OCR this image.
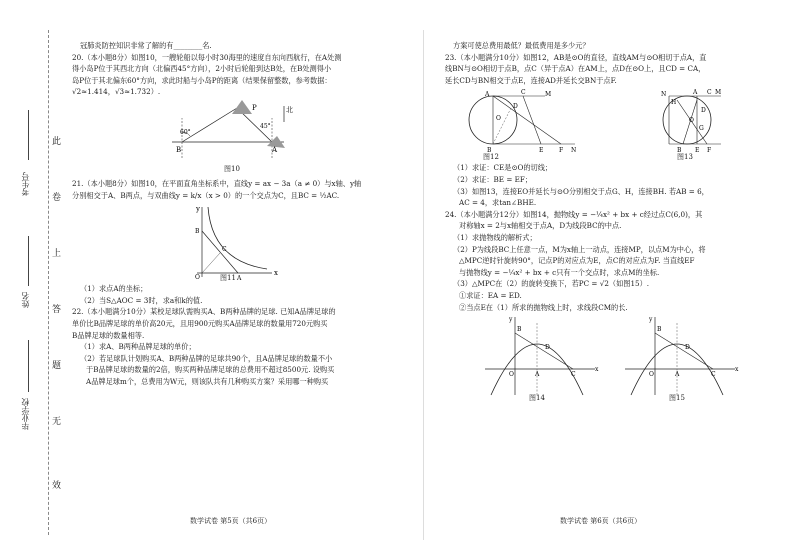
此
卷
上
答
题
无
效
考生号
姓名
毕业学校

冠肺炎防控知识非常了解的有________名.

20.（本小题8分）如图10，一艘轮船以每小时30海里的速度自东向西航行，在A处测

得小岛P位于其西北方向（北偏西45°方向），2小时后轮船到达B处，在B处测得小

岛P位于其北偏东60°方向，求此时船与小岛P的距离（结果保留整数，参考数据：

√2≈1.414，√3≈1.732）.

60°
45°
P
B	A
北
图10

21.（本小题8分）如图10，在平面直角坐标系中，直线y = ax − 3a（a ≠ 0）与x轴、y轴

分别相交于A、B两点，与双曲线y = k/x（x > 0）的一个交点为C，且BC = ½AC.

y
x
O
B
C
A
图11

（1）求点A的坐标；

（2）当S△AOC = 3时，求a和k的值.

22.（本小题满分10分）某校足球队需购买A、B两种品牌的足球. 已知A品牌足球的

单价比B品牌足球的单价高20元，且用900元购买A品牌足球的数量用720元购买

B品牌足球的数量相等.

（1）求A、B两种品牌足球的单价；

（2）若足球队计划购买A、B两种品牌的足球共90个，且A品牌足球的数量不小

于B品牌足球的数量的2倍，购买两种品牌足球的总费用不超过8500元. 设购买

A品牌足球m个，总费用为W元，则该队共有几种购买方案？采用哪一种购买

数学试卷 第5页（共6页）

方案可使总费用最低？最低费用是多少元？

23.（本小题满分10分）如图12，AB是⊙O的直径，直线AM与⊙O相切于点A，直

线BN与⊙O相切于点B，点C（异于点A）在AM上，点D在⊙O上，且CD = CA，

延长CD与BN相交于点E，连接AD并延长交BN于点F.

A	C	M
O
D
B	E	F N
N
H
M
A C
D
G
O
B E F
图12	图13

（1）求证：CE是⊙O的切线；

（2）求证：BE = EF；

（3）如图13，连接EO并延长与⊙O分别相交于点G、H，连接BH. 若AB = 6，

AC = 4，求tan∠BHE.

24.（本小题满分12分）如图14，抛物线y = −¼x² + bx + c经过点C(6,0)，其

对称轴x = 2与x轴相交于点A，D为线段BC的中点.

（1）求抛物线的解析式；

（2）P为线段BC上任意一点，M为x轴上一动点，连接MP，以点M为中心，将

△MPC逆时针旋转90°，记点P的对应点为E，点C的对应点为F. 当直线EF

与抛物线y = −¼x² + bx + c只有一个交点时，求点M的坐标.

（3）△MPC在（2）的旋转变换下，若PC = √2（如图15）.

①求证：EA = ED.

②当点E在（1）所求的抛物线上时，求线段CM的长.

y
O	A
D
B
C
x
y
O	A
D
B
C
x
图14	图15
数学试卷 第6页（共6页）
